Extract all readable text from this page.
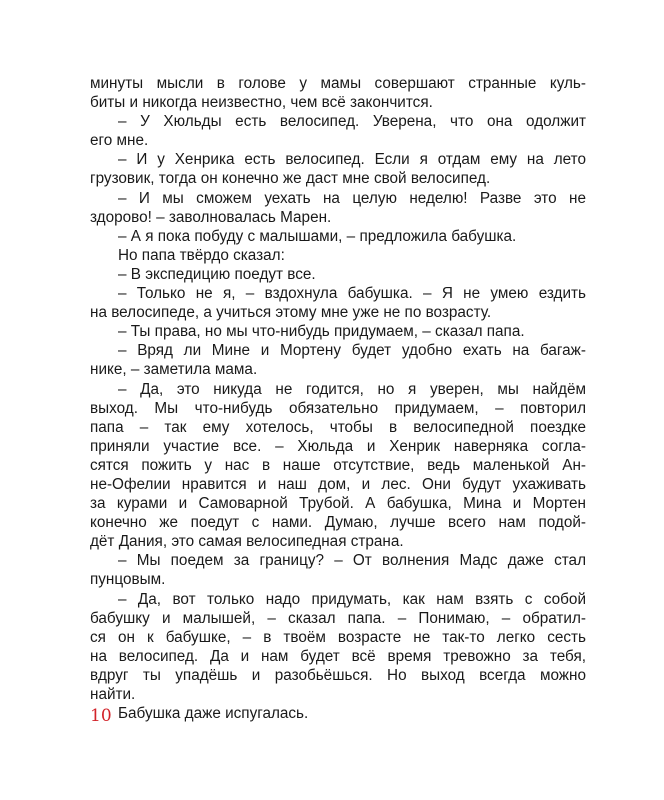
минуты мысли в голове у мамы совершают странные куль-
биты и никогда неизвестно, чем всё закончится.
– У Хюльды есть велосипед. Уверена, что она одолжит
его мне.
– И у Хенрика есть велосипед. Если я отдам ему на лето
грузовик, тогда он конечно же даст мне свой велосипед.
– И мы сможем уехать на целую неделю! Разве это не
здорово! – заволновалась Марен.
– А я пока побуду с малышами, – предложила бабушка.
Но папа твёрдо сказал:
– В экспедицию поедут все.
– Только не я, – вздохнула бабушка. – Я не умею ездить
на велосипеде, а учиться этому мне уже не по возрасту.
– Ты права, но мы что-нибудь придумаем, – сказал папа.
– Вряд ли Мине и Мортену будет удобно ехать на багаж-
нике, – заметила мама.
– Да, это никуда не годится, но я уверен, мы найдём
выход. Мы что-нибудь обязательно придумаем, – повторил
папа – так ему хотелось, чтобы в велосипедной поездке
приняли участие все. – Хюльда и Хенрик наверняка согла-
сятся пожить у нас в наше отсутствие, ведь маленькой Ан-
не-Офелии нравится и наш дом, и лес. Они будут ухаживать
за курами и Самоварной Трубой. А бабушка, Мина и Мортен
конечно же поедут с нами. Думаю, лучше всего нам подой-
дёт Дания, это самая велосипедная страна.
– Мы поедем за границу? – От волнения Мадс даже стал
пунцовым.
– Да, вот только надо придумать, как нам взять с собой
бабушку и малышей, – сказал папа. – Понимаю, – обратил-
ся он к бабушке, – в твоём возрасте не так-то легко сесть
на велосипед. Да и нам будет всё время тревожно за тебя,
вдруг ты упадёшь и разобьёшься. Но выход всегда можно
найти.
Бабушка даже испугалась.
10
